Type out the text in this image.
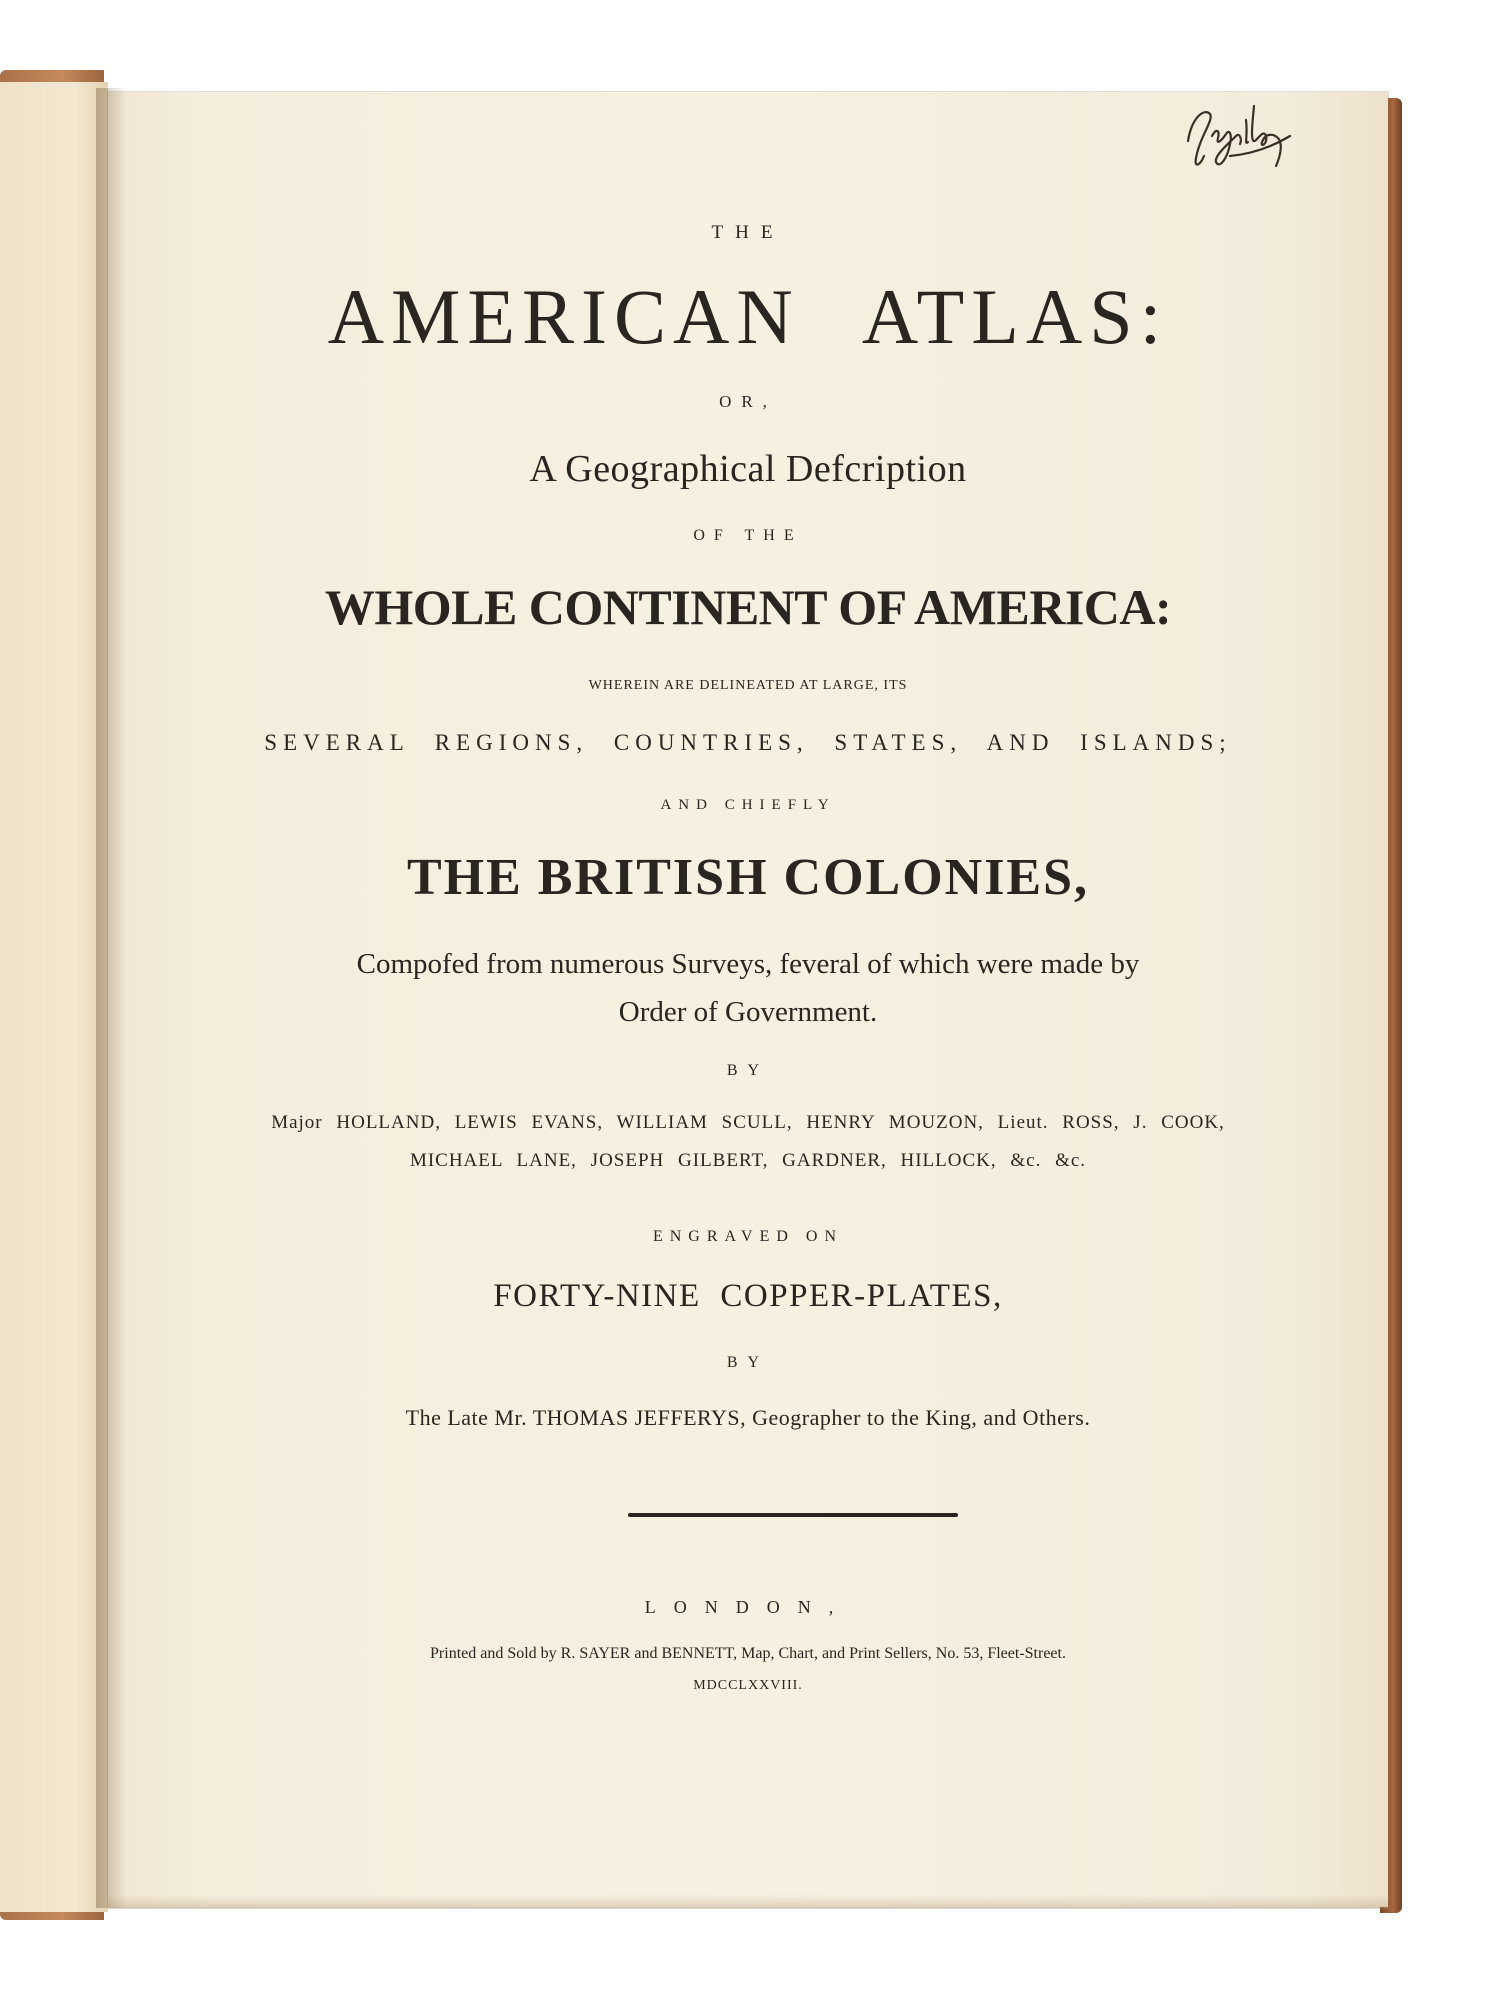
THE
AMERICAN ATLAS:
OR,
A Geographical Defcription
OF THE
WHOLE CONTINENT OF AMERICA:
WHEREIN ARE DELINEATED AT LARGE, ITS
SEVERAL REGIONS, COUNTRIES, STATES, AND ISLANDS;
AND CHIEFLY
THE BRITISH COLONIES,
Compofed from numerous Surveys, feveral of which were made by
Order of Government.
BY
Major HOLLAND, LEWIS EVANS, WILLIAM SCULL, HENRY MOUZON, Lieut. ROSS, J. COOK,
MICHAEL LANE, JOSEPH GILBERT, GARDNER, HILLOCK, &c. &c.
ENGRAVED ON
FORTY-NINE COPPER-PLATES,
BY
The Late Mr. THOMAS JEFFERYS, Geographer to the King, and Others.
LONDON,
Printed and Sold by R. SAYER and BENNETT, Map, Chart, and Print Sellers, No. 53, Fleet-Street.
MDCCLXXVIII.
